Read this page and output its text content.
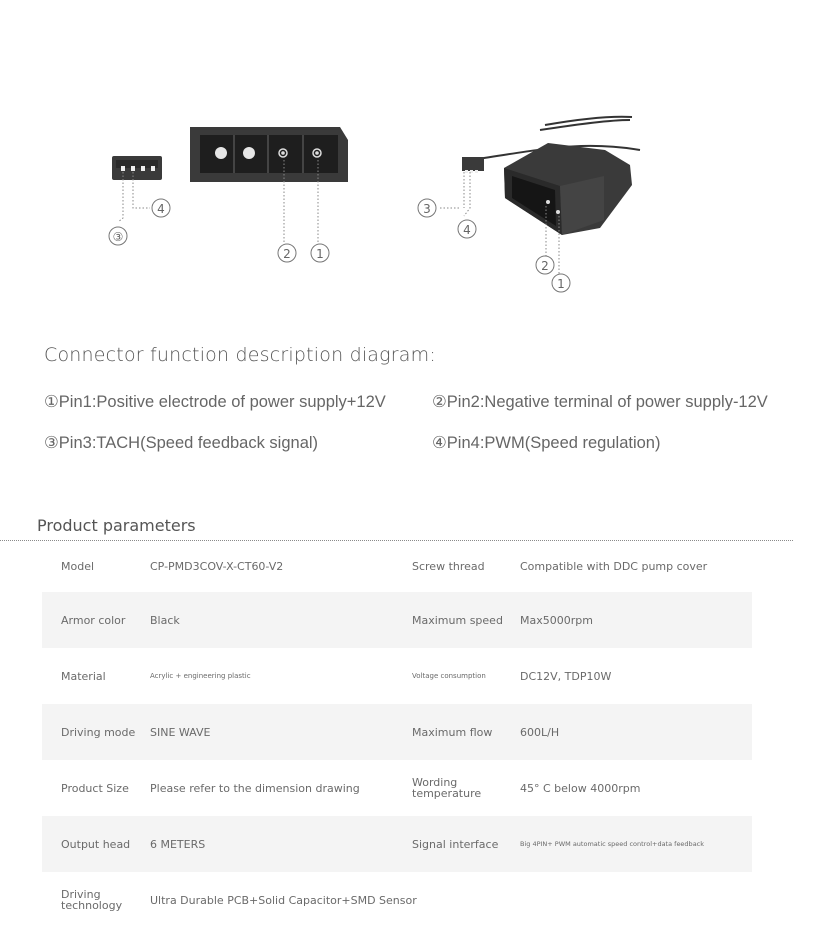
③
4
2 1
3
4
2
1
Connector function description diagram:
①Pin1:Positive electrode of power supply+12V	②Pin2:Negative terminal of power supply-12V
③Pin3:TACH(Speed feedback signal)	④Pin4:PWM(Speed regulation)
Product parameters
Model	CP-PMD3COV-X-CT60-V2	Screw thread	Compatible with DDC pump cover
Armor color	Black	Maximum speed	Max5000rpm
Material	Acrylic + engineering plastic	Voltage consumption	DC12V, TDP10W
Driving mode	SINE WAVE	Maximum flow	600L/H
Product Size	Please refer to the dimension drawing	Wording temperature	45° C below 4000rpm
Output head	6 METERS	Signal interface	Big 4PIN+ PWM automatic speed control+data feedback
Driving technology	Ultra Durable PCB+Solid Capacitor+SMD Sensor
